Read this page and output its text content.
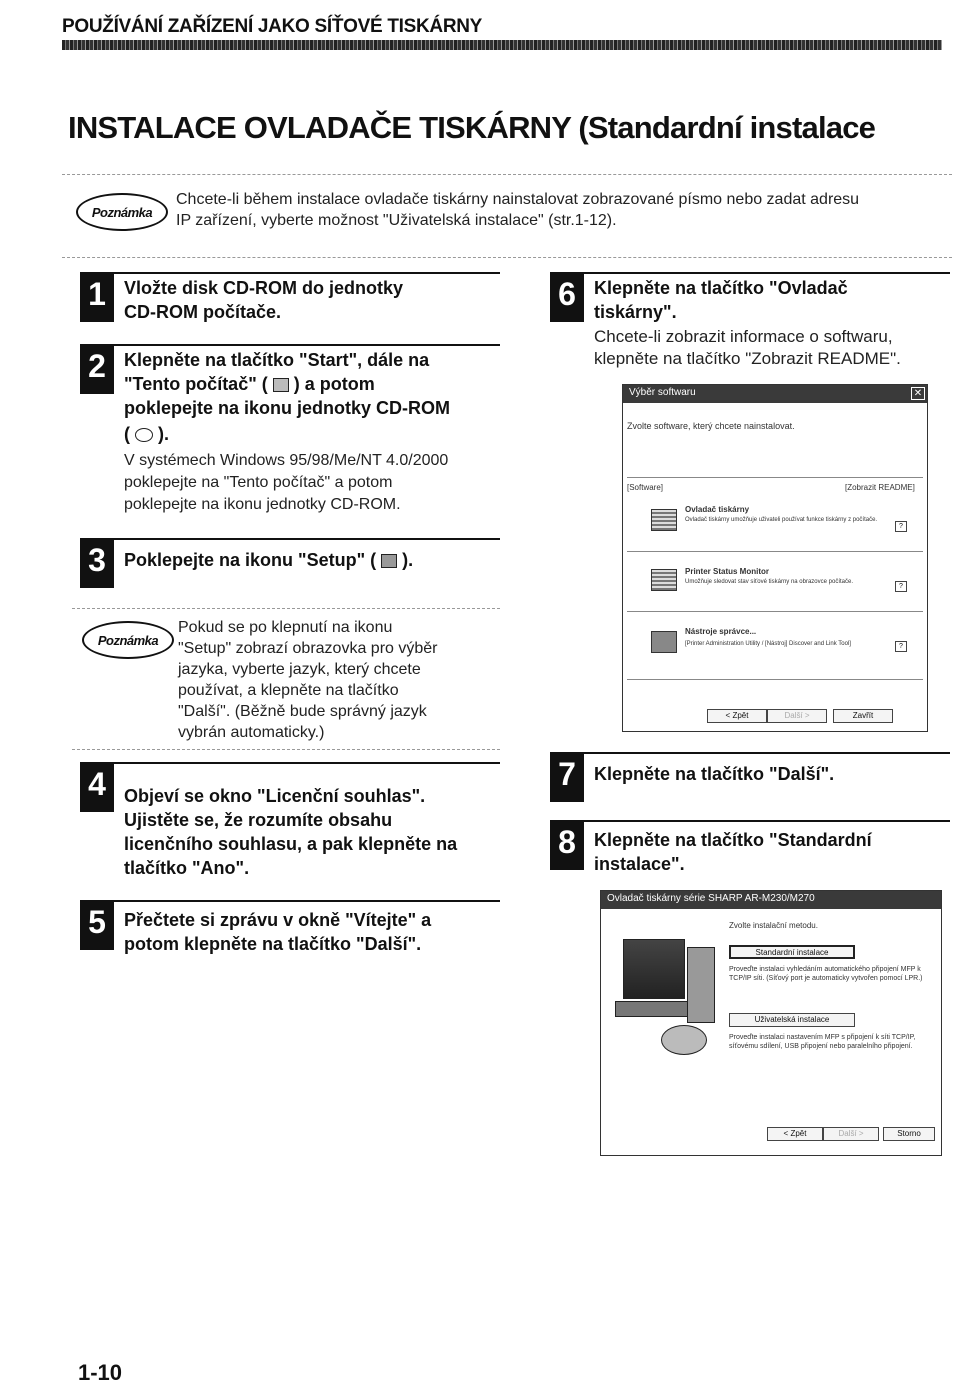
POUŽÍVÁNÍ ZAŘÍZENÍ JAKO SÍŤOVÉ TISKÁRNY
INSTALACE OVLADAČE TISKÁRNY (Standardní instalace
Poznámka
Chcete-li během instalace ovladače tiskárny nainstalovat zobrazované písmo nebo zadat adresu
IP zařízení, vyberte možnost "Uživatelská instalace" (str.1-12).
1	Vložte disk CD-ROM do jednotky
CD-ROM počítače.
2	Klepněte na tlačítko "Start", dále na
"Tento počítač" ( ) a potom
poklepejte na ikonu jednotky CD-ROM
( ).
V systémech Windows 95/98/Me/NT 4.0/2000
poklepejte na "Tento počítač" a potom
poklepejte na ikonu jednotky CD-ROM.
3	Poklepejte na ikonu "Setup" ( ).
Poznámka
Pokud se po klepnutí na ikonu
"Setup" zobrazí obrazovka pro výběr
jazyka, vyberte jazyk, který chcete
používat, a klepněte na tlačítko
"Další". (Běžně bude správný jazyk
vybrán automaticky.)
4	Objeví se okno "Licenční souhlas".
Ujistěte se, že rozumíte obsahu
licenčního souhlasu, a pak klepněte na
tlačítko "Ano".
5	Přečtete si zprávu v okně "Vítejte" a
potom klepněte na tlačítko "Další".
6	Klepněte na tlačítko "Ovladač
tiskárny".
Chcete-li zobrazit informace o softwaru,
klepněte na tlačítko "Zobrazit README".
Výběr softwaru	✕
Zvolte software, který chcete nainstalovat.
[Software]	[Zobrazit README]
Ovladač tiskárny
Ovladač tiskárny umožňuje uživateli používat funkce tiskárny z počítače.
?
Printer Status Monitor
Umožňuje sledovat stav síťové tiskárny na obrazovce počítače.
?
Nástroje správce...
[Printer Administration Utility / [Nástroj] Discover and Link Tool]	?
< Zpět	Další >	Zavřít
7	Klepněte na tlačítko "Další".
8	Klepněte na tlačítko "Standardní
instalace".
Ovladač tiskárny série SHARP AR-M230/M270
Zvolte instalační metodu.
Standardní instalace
Proveďte instalaci vyhledáním automatického připojení MFP k TCP/IP síti. (Síťový port je automaticky vytvořen pomocí LPR.)
Uživatelská instalace
Proveďte instalaci nastavením MFP s připojení k síti TCP/IP, síťovému sdílení, USB připojení nebo paralelního připojení.
< Zpět	Další >	Storno
1-10
